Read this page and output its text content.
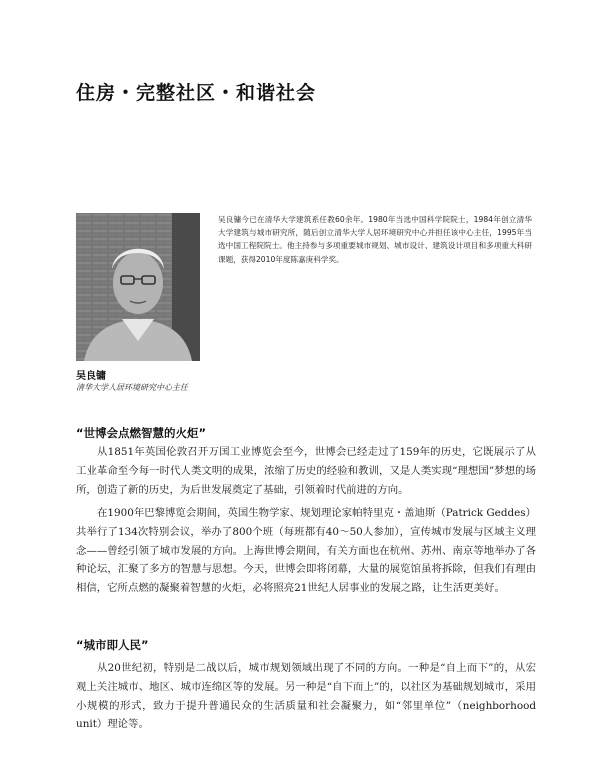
住房・完整社区・和谐社会
吴良镛今已在清华大学建筑系任教60余年。1980年当选中国科学院院士，1984年创立清华大学建筑与城市研究所，随后创立清华大学人居环境研究中心并担任该中心主任，1995年当选中国工程院院士。他主持参与多项重要城市规划、城市设计、建筑设计项目和多项重大科研课题，获得2010年度陈嘉庚科学奖。
吴良镛
清华大学人居环境研究中心主任
“世博会点燃智慧的火炬”
从1851年英国伦敦召开万国工业博览会至今，世博会已经走过了159年的历史，它既展示了从工业革命至今每一时代人类文明的成果，浓缩了历史的经验和教训，又是人类实现“理想国”梦想的场所，创造了新的历史，为后世发展奠定了基础，引领着时代前进的方向。
在1900年巴黎博览会期间，英国生物学家、规划理论家帕特里克・盖迪斯（Patrick Geddes）共举行了134次特别会议，举办了800个班（每班都有40～50人参加），宣传城市发展与区域主义理念——曾经引领了城市发展的方向。上海世博会期间，有关方面也在杭州、苏州、南京等地举办了各种论坛，汇聚了多方的智慧与思想。今天，世博会即将闭幕，大量的展览馆虽将拆除，但我们有理由相信，它所点燃的凝聚着智慧的火炬，必将照亮21世纪人居事业的发展之路，让生活更美好。
“城市即人民”
从20世纪初，特别是二战以后，城市规划领域出现了不同的方向。一种是“自上而下”的，从宏观上关注城市、地区、城市连绵区等的发展。另一种是“自下而上”的，以社区为基础规划城市，采用小规模的形式，致力于提升普通民众的生活质量和社会凝聚力，如“邻里单位”（neighborhood unit）理论等。
